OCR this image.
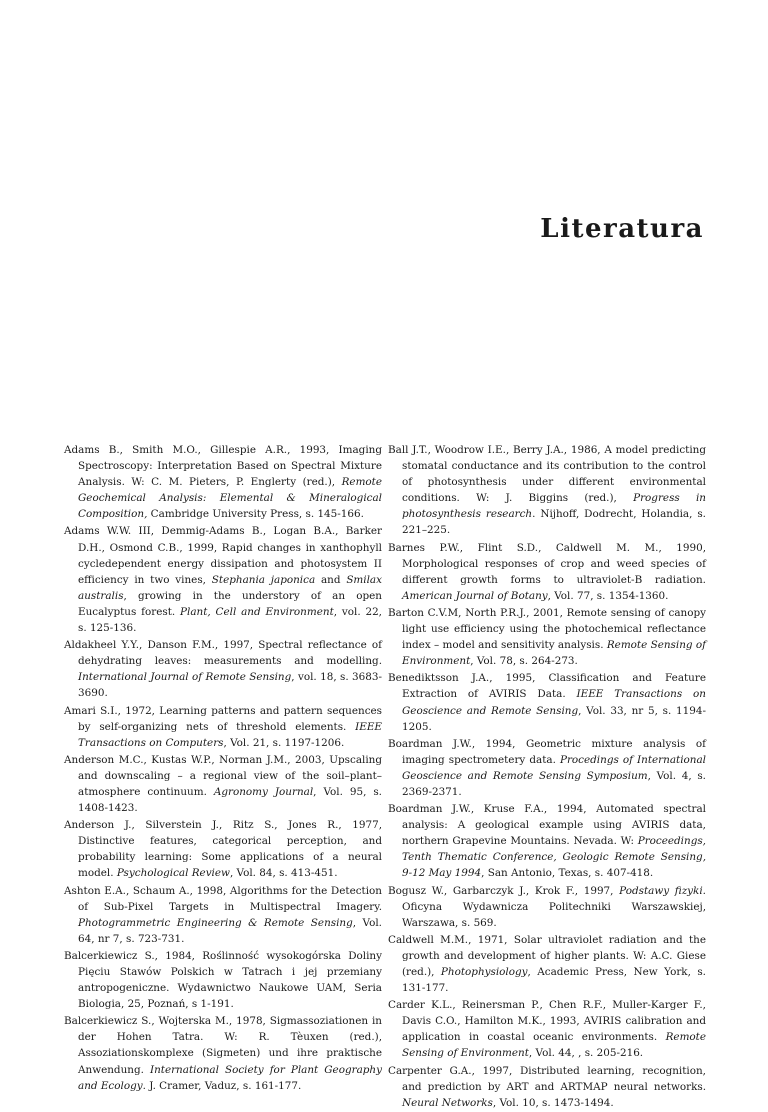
Literatura

Adams B., Smith M.O., Gillespie A.R., 1993, Imaging Spectroscopy: Interpretation Based on Spectral Mixture Analysis. W: C. M. Pieters, P. Englerty (red.), Remote Geochemical Analysis: Elemental & Mineralogical Composition, Cambridge University Press, s. 145-166.

Adams W.W. III, Demmig-Adams B., Logan B.A., Barker D.H., Osmond C.B., 1999, Rapid changes in xanthophyll cycledependent energy dissipation and photosystem II efficiency in two vines, Stephania japonica and Smilax australis, growing in the understory of an open Eucalyptus forest. Plant, Cell and Environment, vol. 22, s. 125-136.

Aldakheel Y.Y., Danson F.M., 1997, Spectral reflectance of dehydrating leaves: measurements and modelling. International Journal of Remote Sensing, vol. 18, s. 3683-3690.

Amari S.I., 1972, Learning patterns and pattern sequences by self-organizing nets of threshold elements. IEEE Transactions on Computers, Vol. 21, s. 1197-1206.

Anderson M.C., Kustas W.P., Norman J.M., 2003, Upscaling and downscaling – a regional view of the soil–plant–atmosphere continuum. Agronomy Journal, Vol. 95, s. 1408-1423.

Anderson J., Silverstein J., Ritz S., Jones R., 1977, Distinctive features, categorical perception, and probability learning: Some applications of a neural model. Psychological Review, Vol. 84, s. 413-451.

Ashton E.A., Schaum A., 1998, Algorithms for the Detection of Sub-Pixel Targets in Multispectral Imagery. Photogrammetric Engineering & Remote Sensing, Vol. 64, nr 7, s. 723-731.

Balcerkiewicz S., 1984, Roślinność wysokogórska Doliny Pięciu Stawów Polskich w Tatrach i jej przemiany antropogeniczne. Wydawnictwo Naukowe UAM, Seria Biologia, 25, Poznań, s 1-191.

Balcerkiewicz S., Wojterska M., 1978, Sigmassoziationen in der Hohen Tatra. W: R. Tèuxen (red.), Assoziationskomplexe (Sigmeten) und ihre praktische Anwendung. International Society for Plant Geography and Ecology. J. Cramer, Vaduz, s. 161-177.

Ball J.T., Woodrow I.E., Berry J.A., 1986, A model predicting stomatal conductance and its contribution to the control of photosynthesis under different environmental conditions. W: J. Biggins (red.), Progress in photosynthesis research. Nijhoff, Dodrecht, Holandia, s. 221–225.

Barnes P.W., Flint S.D., Caldwell M. M., 1990, Morphological responses of crop and weed species of different growth forms to ultraviolet-B radiation. American Journal of Botany, Vol. 77, s. 1354-1360.

Barton C.V.M, North P.R.J., 2001, Remote sensing of canopy light use efficiency using the photochemical reflectance index – model and sensitivity analysis. Remote Sensing of Environment, Vol. 78, s. 264-273.

Benediktsson J.A., 1995, Classification and Feature Extraction of AVIRIS Data. IEEE Transactions on Geoscience and Remote Sensing, Vol. 33, nr 5, s. 1194-1205.

Boardman J.W., 1994, Geometric mixture analysis of imaging spectrometery data. Procedings of International Geoscience and Remote Sensing Symposium, Vol. 4, s. 2369-2371.

Boardman J.W., Kruse F.A., 1994, Automated spectral analysis: A geological example using AVIRIS data, northern Grapevine Mountains. Nevada. W: Proceedings, Tenth Thematic Conference, Geologic Remote Sensing, 9-12 May 1994, San Antonio, Texas, s. 407-418.

Bogusz W., Garbarczyk J., Krok F., 1997, Podstawy fizyki. Oficyna Wydawnicza Politechniki Warszawskiej, Warszawa, s. 569.

Caldwell M.M., 1971, Solar ultraviolet radiation and the growth and development of higher plants. W: A.C. Giese (red.), Photophysiology, Academic Press, New York, s. 131-177.

Carder K.L., Reinersman P., Chen R.F., Muller-Karger F., Davis C.O., Hamilton M.K., 1993, AVIRIS calibration and application in coastal oceanic environments. Remote Sensing of Environment, Vol. 44, , s. 205-216.

Carpenter G.A., 1997, Distributed learning, recognition, and prediction by ART and ARTMAP neural networks. Neural Networks, Vol. 10, s. 1473-1494.
